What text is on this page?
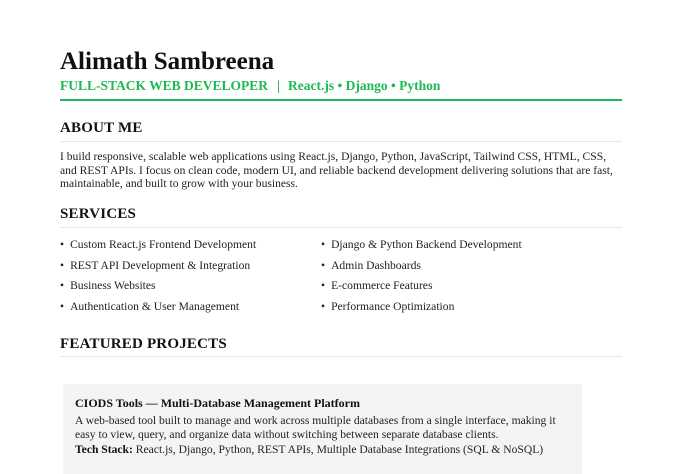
Alimath Sambreena
FULL-STACK WEB DEVELOPER | React.js • Django • Python
ABOUT ME

I build responsive, scalable web applications using React.js, Django, Python, JavaScript, Tailwind CSS, HTML, CSS, and REST APIs. I focus on clean code, modern UI, and reliable backend development delivering solutions that are fast, maintainable, and built to grow with your business.

SERVICES
• Custom React.js Frontend Development
• REST API Development & Integration
• Business Websites
• Authentication & User Management
• Django & Python Backend Development
• Admin Dashboards
• E-commerce Features
• Performance Optimization
FEATURED PROJECTS
CIODS Tools — Multi-Database Management Platform

A web-based tool built to manage and work across multiple databases from a single interface, making it easy to view, query, and organize data without switching between separate database clients.

Tech Stack: React.js, Django, Python, REST APIs, Multiple Database Integrations (SQL & NoSQL)
